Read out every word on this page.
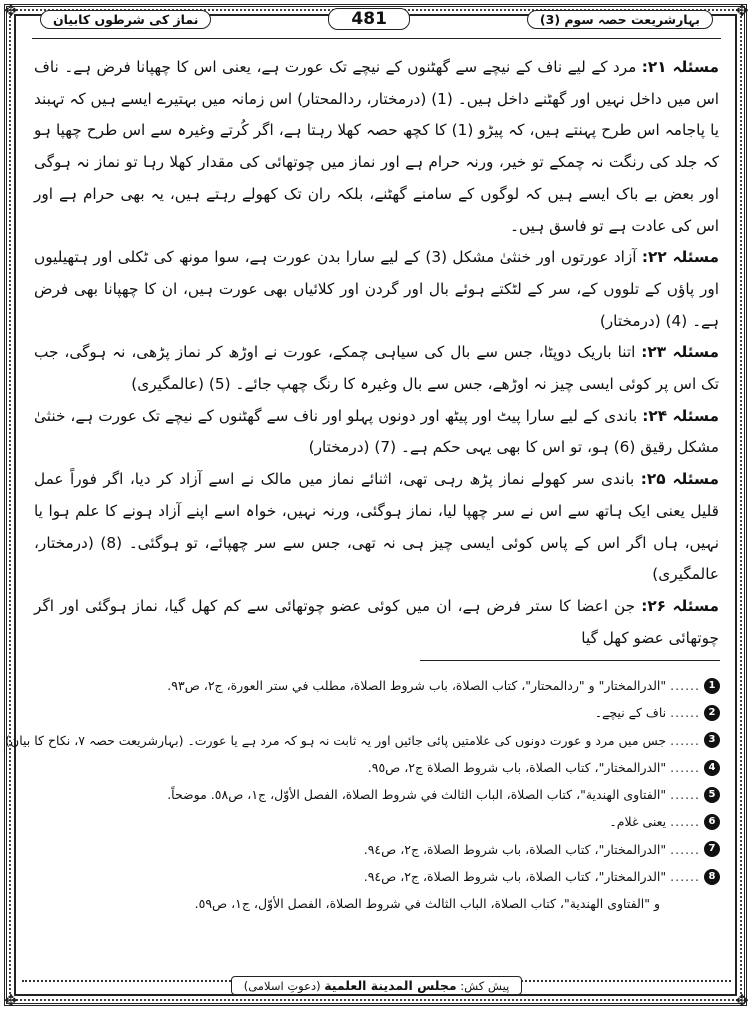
✥	✥
✥	✥
بہارِشریعت حصہ سوم (3)
481
نماز کی شرطوں کابیان

مسئلہ ۲۱: مرد کے لیے ناف کے نیچے سے گھٹنوں کے نیچے تک عورت ہے، یعنی اس کا چھپانا فرض ہے۔ ناف اس میں داخل نہیں اور گھٹنے داخل ہیں۔ (1) (درمختار، ردالمحتار) اس زمانہ میں بہتیرے ایسے ہیں کہ تہبند یا پاجامہ اس طرح پہنتے ہیں، کہ پیڑو (1) کا کچھ حصہ کھلا رہتا ہے، اگر کُرتے وغیرہ سے اس طرح چھپا ہو کہ جلد کی رنگت نہ چمکے تو خیر، ورنہ حرام ہے اور نماز میں چوتھائی کی مقدار کھلا رہا تو نماز نہ ہوگی اور بعض بے باک ایسے ہیں کہ لوگوں کے سامنے گھٹنے، بلکہ ران تک کھولے رہتے ہیں، یہ بھی حرام ہے اور اس کی عادت ہے تو فاسق ہیں۔

مسئلہ ۲۲: آزاد عورتوں اور خنثیٰ مشکل (3) کے لیے سارا بدن عورت ہے، سوا مونھ کی ٹکلی اور ہتھیلیوں اور پاؤں کے تلووں کے، سر کے لٹکتے ہوئے بال اور گردن اور کلائیاں بھی عورت ہیں، ان کا چھپانا بھی فرض ہے۔ (4) (درمختار)

مسئلہ ۲۳: اتنا باریک دوپٹا، جس سے بال کی سیاہی چمکے، عورت نے اوڑھ کر نماز پڑھی، نہ ہوگی، جب تک اس پر کوئی ایسی چیز نہ اوڑھے، جس سے بال وغیرہ کا رنگ چھپ جائے۔ (5) (عالمگیری)

مسئلہ ۲۴: باندی کے لیے سارا پیٹ اور پیٹھ اور دونوں پہلو اور ناف سے گھٹنوں کے نیچے تک عورت ہے، خنثیٰ مشکل رقیق (6) ہو، تو اس کا بھی یہی حکم ہے۔ (7) (درمختار)

مسئلہ ۲۵: باندی سر کھولے نماز پڑھ رہی تھی، اثنائے نماز میں مالک نے اسے آزاد کر دیا، اگر فوراً عمل قلیل یعنی ایک ہاتھ سے اس نے سر چھپا لیا، نماز ہوگئی، ورنہ نہیں، خواہ اسے اپنے آزاد ہونے کا علم ہوا یا نہیں، ہاں اگر اس کے پاس کوئی ایسی چیز ہی نہ تھی، جس سے سر چھپائے، تو ہوگئی۔ (8) (درمختار، عالمگیری)

مسئلہ ۲۶: جن اعضا کا ستر فرض ہے، ان میں کوئی عضو چوتھائی سے کم کھل گیا، نماز ہوگئی اور اگر چوتھائی عضو کھل گیا

1
......
"الدرالمختار" و "ردالمحتار"، كتاب الصلاة، باب شروط الصلاة، مطلب في ستر العورة، ج٢، ص٩٣.
2
......
ناف کے نیچے۔
3
......
جس میں مرد و عورت دونوں کی علامتیں پائی جائیں اور یہ ثابت نہ ہو کہ مرد ہے یا عورت۔ (بہارشریعت حصہ ۷، نکاح کا بیان)
4
......
"الدرالمختار"، كتاب الصلاة، باب شروط الصلاة ج٢، ص٩٥.
5
......
"الفتاوى الهندية"، كتاب الصلاة، الباب الثالث في شروط الصلاة، الفصل الأوّل، ج١، ص٥٨. موضحاً.
6
......
یعنی غلام۔
7
......
"الدرالمختار"، كتاب الصلاة، باب شروط الصلاة، ج٢، ص٩٤.
8
......
"الدرالمختار"، كتاب الصلاة، باب شروط الصلاة، ج٢، ص٩٤.
و "الفتاوى الهندية"، كتاب الصلاة، الباب الثالث في شروط الصلاة، الفصل الأوّل، ج١، ص٥٩.
پیش کش: مجلس المدينة العلمية (دعوتِ اسلامی)
